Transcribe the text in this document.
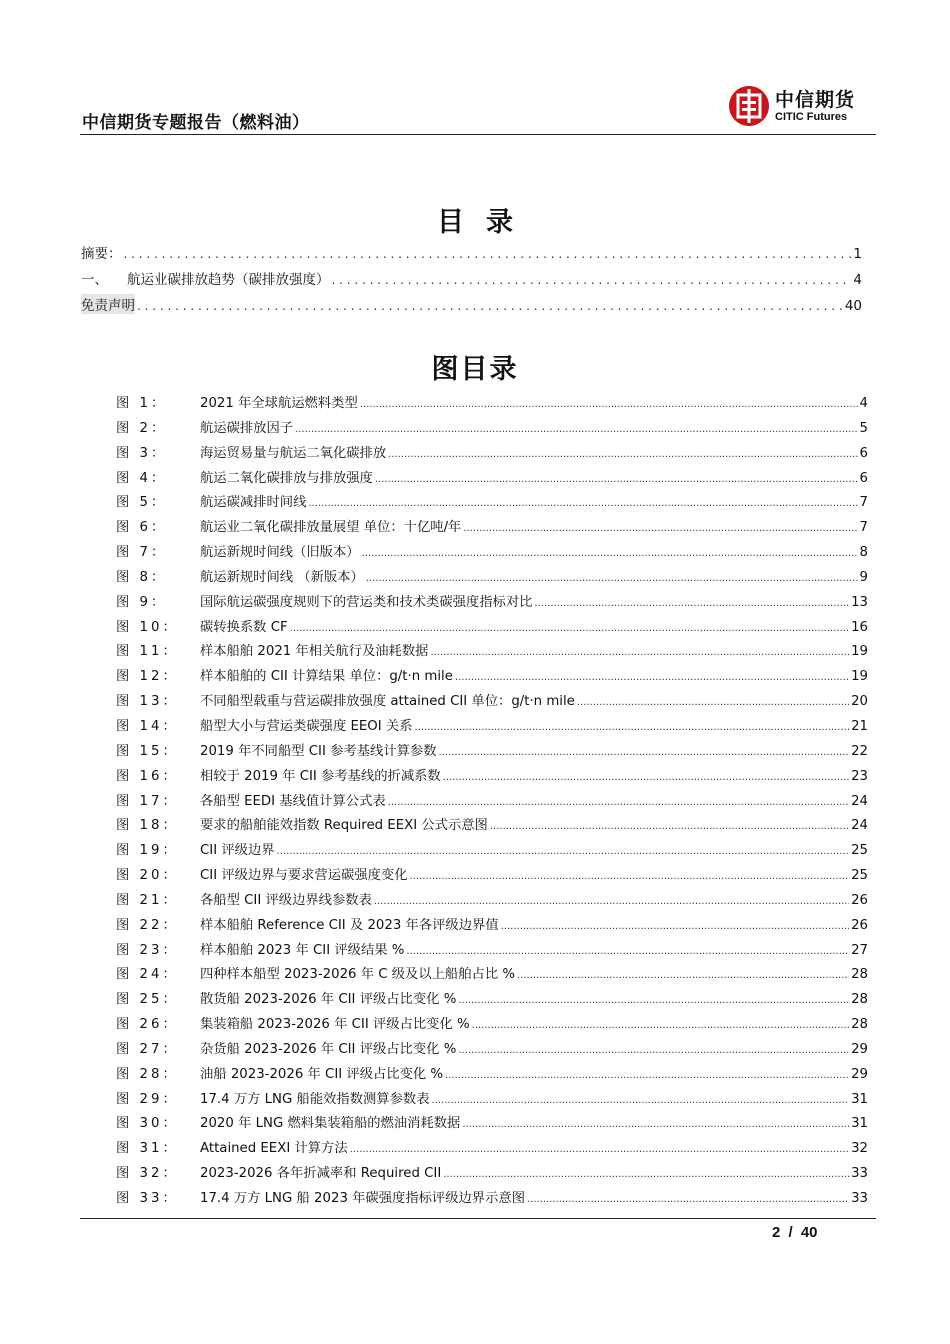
中信期货专题报告（燃料油）
中信期货
CITIC Futures
目录
摘要： . . .	1
一、 航运业碳排放趋势（碳排放强度） . . .	4
免责声明 . . .	40
图目录
图 1：	2021 年全球航运燃料类型 .....	4
图 2：	航运碳排放因子 .....	5
图 3：	海运贸易量与航运二氧化碳排放 .....	6
图 4：	航运二氧化碳排放与排放强度 .....	6
图 5：	航运碳减排时间线 .....	7
图 6：	航运业二氧化碳排放量展望 单位：十亿吨/年 .....	7
图 7：	航运新规时间线（旧版本） .....	8
图 8：	航运新规时间线 （新版本） .....	9
图 9：	国际航运碳强度规则下的营运类和技术类碳强度指标对比 .....	13
图 10：	碳转换系数 CF .....	16
图 11：	样本船舶 2021 年相关航行及油耗数据 .....	19
图 12：	样本船舶的 CII 计算结果 单位：g/t·n mile .....	19
图 13：	不同船型载重与营运碳排放强度 attained CII 单位：g/t·n mile .....	20
图 14：	船型大小与营运类碳强度 EEOI 关系 .....	21
图 15：	2019 年不同船型 CII 参考基线计算参数 .....	22
图 16：	相较于 2019 年 CII 参考基线的折减系数 .....	23
图 17：	各船型 EEDI 基线值计算公式表 .....	24
图 18：	要求的船舶能效指数 Required EEXI 公式示意图 .....	24
图 19：	CII 评级边界 .....	25
图 20：	CII 评级边界与要求营运碳强度变化 .....	25
图 21：	各船型 CII 评级边界线参数表 .....	26
图 22：	样本船舶 Reference CII 及 2023 年各评级边界值 .....	26
图 23：	样本船舶 2023 年 CII 评级结果 % .....	27
图 24：	四种样本船型 2023-2026 年 C 级及以上船舶占比 % .....	28
图 25：	散货船 2023-2026 年 CII 评级占比变化 % .....	28
图 26：	集装箱船 2023-2026 年 CII 评级占比变化 % .....	28
图 27：	杂货船 2023-2026 年 CII 评级占比变化 % .....	29
图 28：	油船 2023-2026 年 CII 评级占比变化 % .....	29
图 29：	17.4 万方 LNG 船能效指数测算参数表 .....	31
图 30：	2020 年 LNG 燃料集装箱船的燃油消耗数据 .....	31
图 31：	Attained EEXI 计算方法 .....	32
图 32：	2023-2026 各年折减率和 Required CII .....	33
图 33：	17.4 万方 LNG 船 2023 年碳强度指标评级边界示意图 .....	33
2 / 40
